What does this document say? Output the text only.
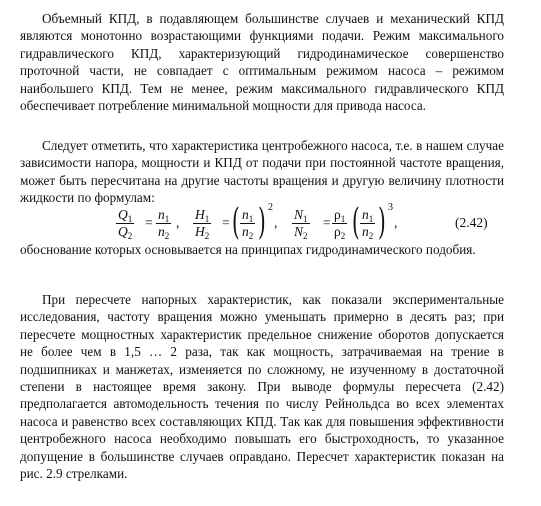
Объемный КПД, в подавляющем большинстве случаев и механический КПД являются монотонно возрастающими функциями подачи. Режим максимального гидравлического КПД, характеризующий гидродинамическое совершенство проточной части, не совпадает с оптимальным режимом насоса – режимом наибольшего КПД. Тем не менее, режим максимального гидравлического КПД обеспечивает потребление минимальной мощности для привода насоса.

Следует отметить, что характеристика центробежного насоса, т.е. в нашем случае зависимости напора, мощности и КПД от подачи при постоянной частоте вращения, может быть пересчитана на другие частоты вращения и другую величину плотности жидкости по формулам:

$\frac{Q_1}{Q_2} = \frac{n_1}{n_2}$ , $\frac{H_1}{H_2}$ = ( $\frac{n_1}{n_2}$ ) 2
, $\frac{N_1}{N_2} = \frac{\rho_1}{\rho_2}$ ( $\frac{n_1}{n_2}$ ) 3
,	(2.42)

обоснование которых основывается на принципах гидродинамического подобия.

При пересчете напорных характеристик, как показали экспериментальные исследования, частоту вращения можно уменьшать примерно в десять раз; при пересчете мощностных характеристик предельное снижение оборотов допускается не более чем в 1,5 … 2 раза, так как мощность, затрачиваемая на трение в подшипниках и манжетах, изменяется по сложному, не изученному в достаточной степени в настоящее время закону. При выводе формулы пересчета (2.42) предполагается автомодельность течения по числу Рейнольдса во всех элементах насоса и равенство всех составляющих КПД. Так как для повышения эффективности центробежного насоса необходимо повышать его быстроходность, то указанное допущение в большинстве случаев оправдано. Пересчет характеристик показан на рис. 2.9 стрелками.
